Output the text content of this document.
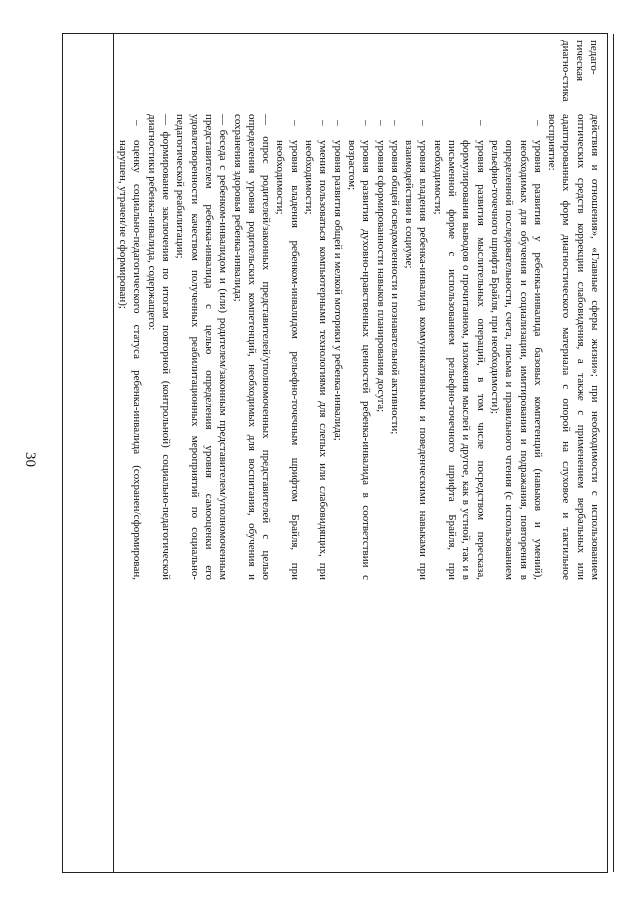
30
педаго-гическая диагно-стика

действия и отношения», «Главные сферы жизни»; при необходимости с использованием оптических средств коррекции слабовидения, а также с применением вербальных или адаптированных форм диагностического материала с опорой на слуховое и тактильное восприятие:

–
уровня развития у ребенка-инвалида базовых компетенций (навыков и умений), необходимых для обучения и социализации, имитирования и подражания, повторения в определенной последовательности, счета, письма и правильного чтения (с использованием рельефно-точечного шрифта Брайля, при необходимости);

–
уровня развития мыслительных операций, в том числе посредством пересказа, формулирования выводов о прочитанном, изложения мыслей и другое, как в устной, так и в письменной форме с использованием рельефно-точечного шрифта Брайля, при необходимости;

–
уровня владения ребенка-инвалида коммуникативными и поведенческими навыками при взаимодействии в социуме;

–
уровня общей осведомленности и познавательной активности;

–
уровня сформированности навыков планирования досуга;

–
уровня развития духовно-нравственных ценностей ребенка-инвалида в соответствии с возрастом;

–
уровня развития общей и мелкой моторики у ребенка-инвалида;

–
умения пользоваться компьютерными технологиями для слепых или слабовидящих, при необходимости;

–
уровня владения ребенком-инвалидом рельефно-точечным шрифтом Брайля, при необходимости;

— опрос родителей/законных представителей/уполномоченных представителей с целью определения уровня родительских компетенций, необходимых для воспитания, обучения и сохранения здоровья ребенка-инвалида;

— беседа с ребенком-инвалидом и (или) родителем/законным представителем/уполномоченным представителем ребенка-инвалида с целью определения уровня самооценки его удовлетворенности качеством полученных реабилитационных мероприятий по социально-педагогической реабилитации;

— формирование заключения по итогам повторной (контрольной) социально-педагогической диагностики ребенка-инвалида, содержащего:

–
оценку социально-педагогического статуса ребенка-инвалида (сохранен/сформирован, нарушен, утрачен/не сформирован);
